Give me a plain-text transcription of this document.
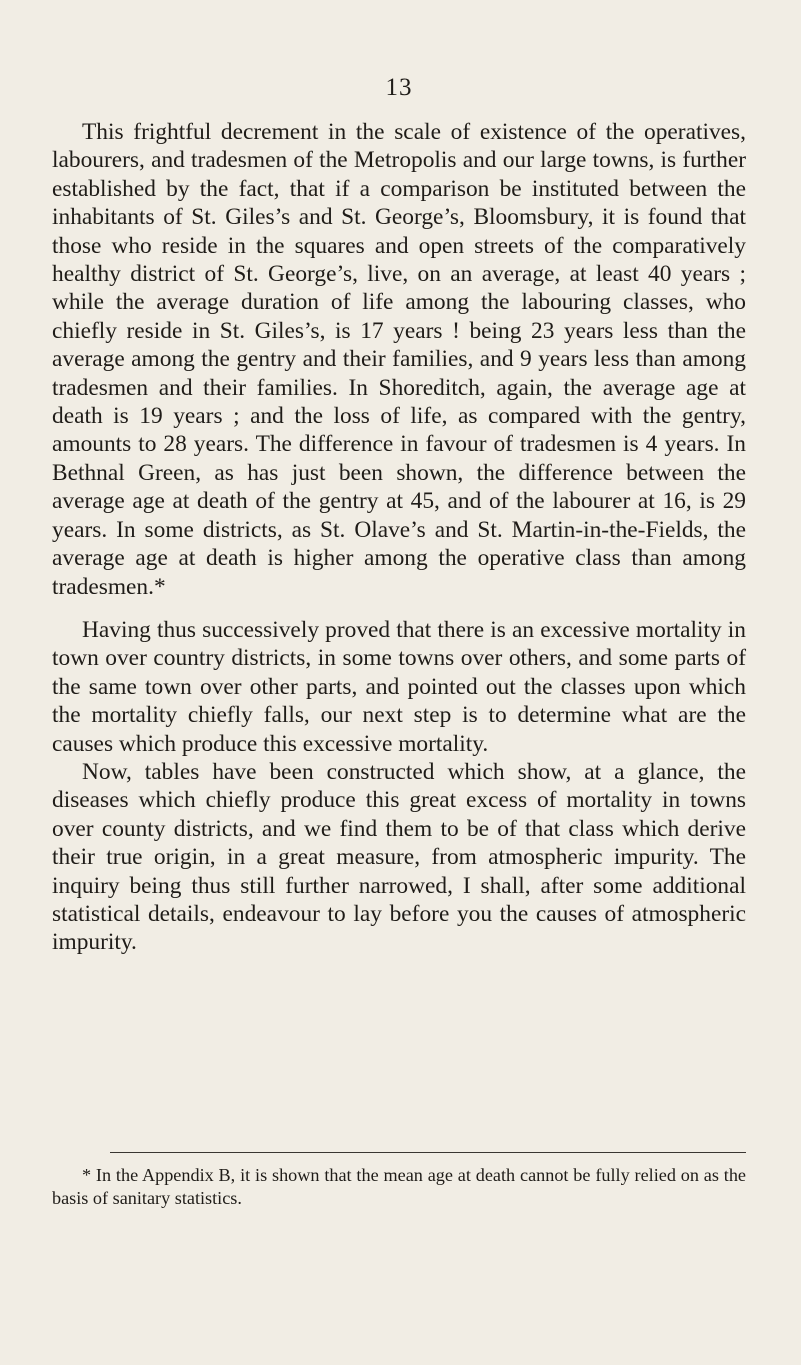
13

This frightful decrement in the scale of existence of the operatives, labourers, and tradesmen of the Metropolis and our large towns, is further established by the fact, that if a comparison be instituted between the inhabitants of St. Giles’s and St. George’s, Bloomsbury, it is found that those who reside in the squares and open streets of the comparatively healthy district of St. George’s, live, on an average, at least 40 years ; while the average duration of life among the labouring classes, who chiefly reside in St. Giles’s, is 17 years ! being 23 years less than the average among the gentry and their families, and 9 years less than among tradesmen and their families. In Shoreditch, again, the average age at death is 19 years ; and the loss of life, as compared with the gentry, amounts to 28 years. The difference in favour of tradesmen is 4 years. In Bethnal Green, as has just been shown, the difference between the average age at death of the gentry at 45, and of the labourer at 16, is 29 years. In some districts, as St. Olave’s and St. Martin-in-the-Fields, the average age at death is higher among the operative class than among tradesmen.*

Having thus successively proved that there is an excessive mortality in town over country districts, in some towns over others, and some parts of the same town over other parts, and pointed out the classes upon which the mortality chiefly falls, our next step is to determine what are the causes which produce this excessive mortality.

Now, tables have been constructed which show, at a glance, the diseases which chiefly produce this great excess of mortality in towns over county districts, and we find them to be of that class which derive their true origin, in a great measure, from atmospheric impurity. The inquiry being thus still further narrowed, I shall, after some additional statistical details, endeavour to lay before you the causes of atmospheric impurity.

* In the Appendix B, it is shown that the mean age at death cannot be fully relied on as the basis of sanitary statistics.
